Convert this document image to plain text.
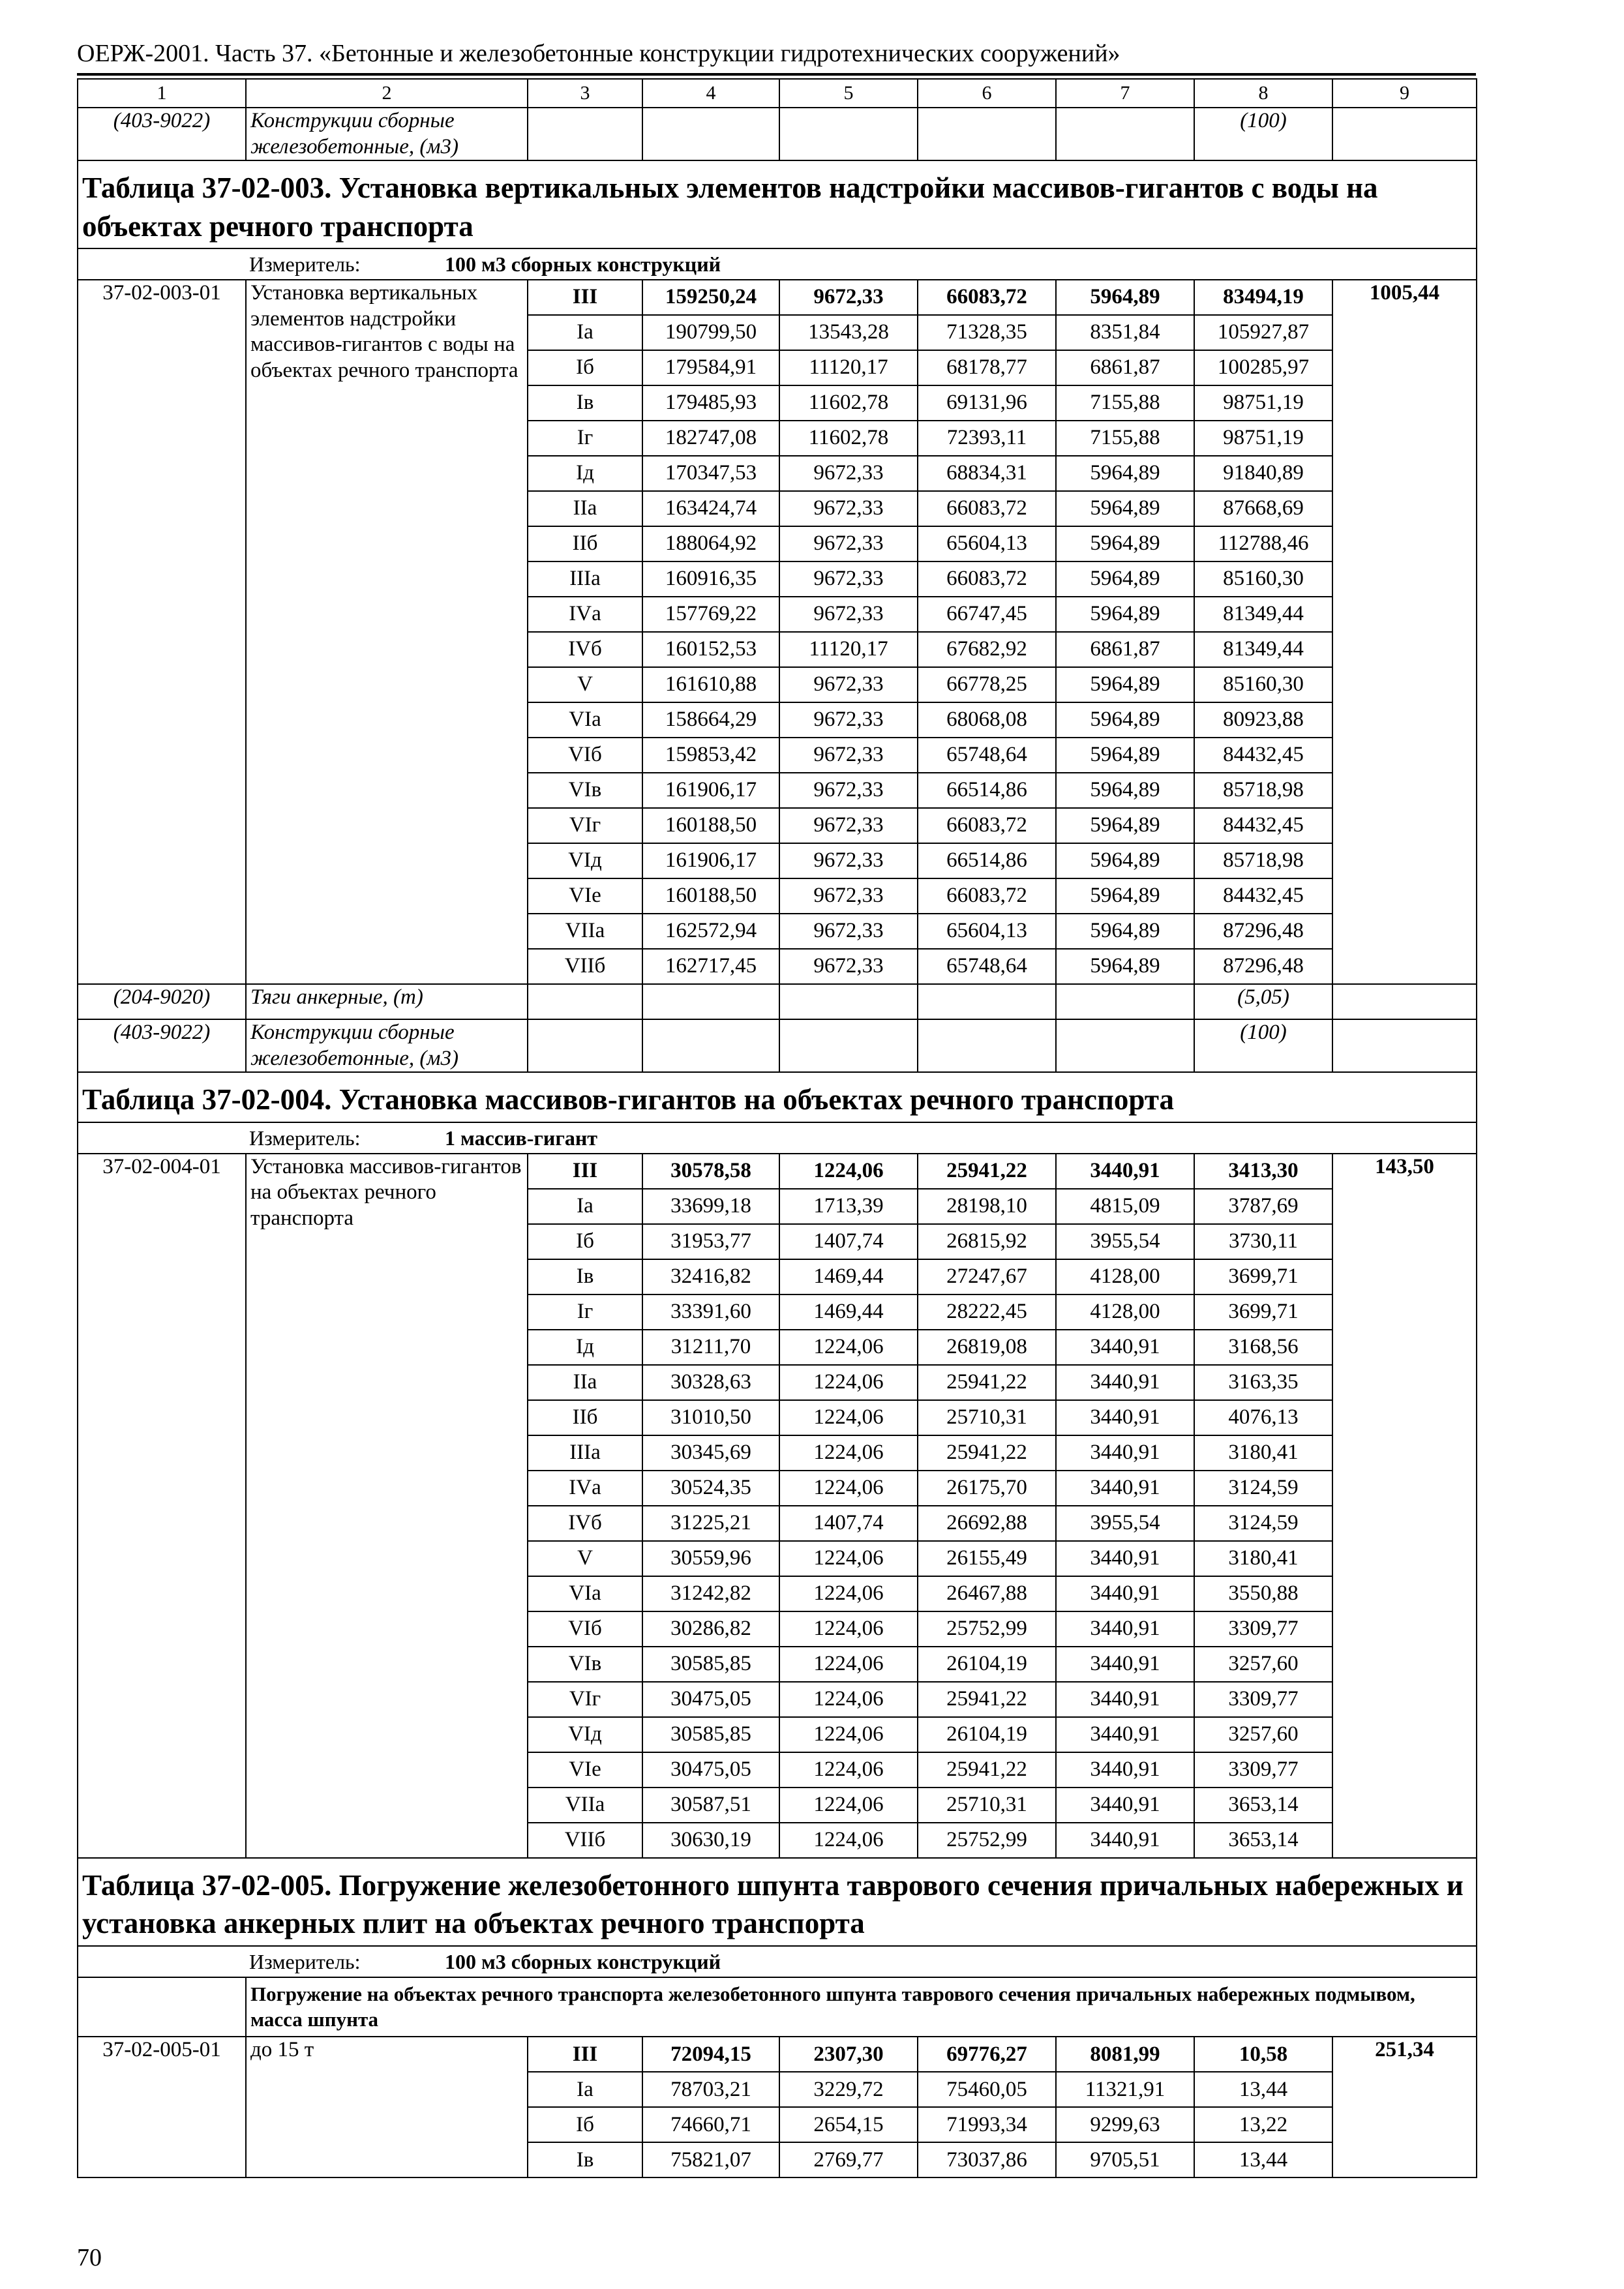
ОЕРЖ-2001. Часть 37. «Бетонные и железобетонные конструкции гидротехнических сооружений»
1	2	3	4	5	6	7	8	9
(403-9022)	Конструкции сборные железобетонные, (м3)						(100)	
Таблица 37-02-003. Установка вертикальных элементов надстройки массивов-гигантов с воды на объектах речного транспорта								
Измеритель: 100 м3 сборных конструкций								
37-02-003-01	Установка вертикальных элементов надстройки массивов-гигантов с воды на объектах речного транспорта	III	159250,24	9672,33	66083,72	5964,89	83494,19	1005,44
		Iа	190799,50	13543,28	71328,35	8351,84	105927,87	
		Iб	179584,91	11120,17	68178,77	6861,87	100285,97	
		Iв	179485,93	11602,78	69131,96	7155,88	98751,19	
		Iг	182747,08	11602,78	72393,11	7155,88	98751,19	
		Iд	170347,53	9672,33	68834,31	5964,89	91840,89	
		IIа	163424,74	9672,33	66083,72	5964,89	87668,69	
		IIб	188064,92	9672,33	65604,13	5964,89	112788,46	
		IIIа	160916,35	9672,33	66083,72	5964,89	85160,30	
		IVа	157769,22	9672,33	66747,45	5964,89	81349,44	
		IVб	160152,53	11120,17	67682,92	6861,87	81349,44	
		V	161610,88	9672,33	66778,25	5964,89	85160,30	
		VIа	158664,29	9672,33	68068,08	5964,89	80923,88	
		VIб	159853,42	9672,33	65748,64	5964,89	84432,45	
		VIв	161906,17	9672,33	66514,86	5964,89	85718,98	
		VIг	160188,50	9672,33	66083,72	5964,89	84432,45	
		VIд	161906,17	9672,33	66514,86	5964,89	85718,98	
		VIе	160188,50	9672,33	66083,72	5964,89	84432,45	
		VIIа	162572,94	9672,33	65604,13	5964,89	87296,48	
		VIIб	162717,45	9672,33	65748,64	5964,89	87296,48	
(204-9020)	Тяги анкерные, (т)						(5,05)	
(403-9022)	Конструкции сборные железобетонные, (м3)						(100)	
Таблица 37-02-004. Установка массивов-гигантов на объектах речного транспорта								
Измеритель: 1 массив-гигант								
37-02-004-01	Установка массивов-гигантов на объектах речного транспорта	III	30578,58	1224,06	25941,22	3440,91	3413,30	143,50
		Iа	33699,18	1713,39	28198,10	4815,09	3787,69	
		Iб	31953,77	1407,74	26815,92	3955,54	3730,11	
		Iв	32416,82	1469,44	27247,67	4128,00	3699,71	
		Iг	33391,60	1469,44	28222,45	4128,00	3699,71	
		Iд	31211,70	1224,06	26819,08	3440,91	3168,56	
		IIа	30328,63	1224,06	25941,22	3440,91	3163,35	
		IIб	31010,50	1224,06	25710,31	3440,91	4076,13	
		IIIа	30345,69	1224,06	25941,22	3440,91	3180,41	
		IVа	30524,35	1224,06	26175,70	3440,91	3124,59	
		IVб	31225,21	1407,74	26692,88	3955,54	3124,59	
		V	30559,96	1224,06	26155,49	3440,91	3180,41	
		VIа	31242,82	1224,06	26467,88	3440,91	3550,88	
		VIб	30286,82	1224,06	25752,99	3440,91	3309,77	
		VIв	30585,85	1224,06	26104,19	3440,91	3257,60	
		VIг	30475,05	1224,06	25941,22	3440,91	3309,77	
		VIд	30585,85	1224,06	26104,19	3440,91	3257,60	
		VIе	30475,05	1224,06	25941,22	3440,91	3309,77	
		VIIа	30587,51	1224,06	25710,31	3440,91	3653,14	
		VIIб	30630,19	1224,06	25752,99	3440,91	3653,14	
Таблица 37-02-005. Погружение железобетонного шпунта таврового сечения причальных набережных и установка анкерных плит на объектах речного транспорта								
Измеритель: 100 м3 сборных конструкций								
	Погружение на объектах речного транспорта железобетонного шпунта таврового сечения причальных набережных подмывом, масса шпунта							
37-02-005-01	до 15 т	III	72094,15	2307,30	69776,27	8081,99	10,58	251,34
		Iа	78703,21	3229,72	75460,05	11321,91	13,44	
		Iб	74660,71	2654,15	71993,34	9299,63	13,22	
		Iв	75821,07	2769,77	73037,86	9705,51	13,44	
70
